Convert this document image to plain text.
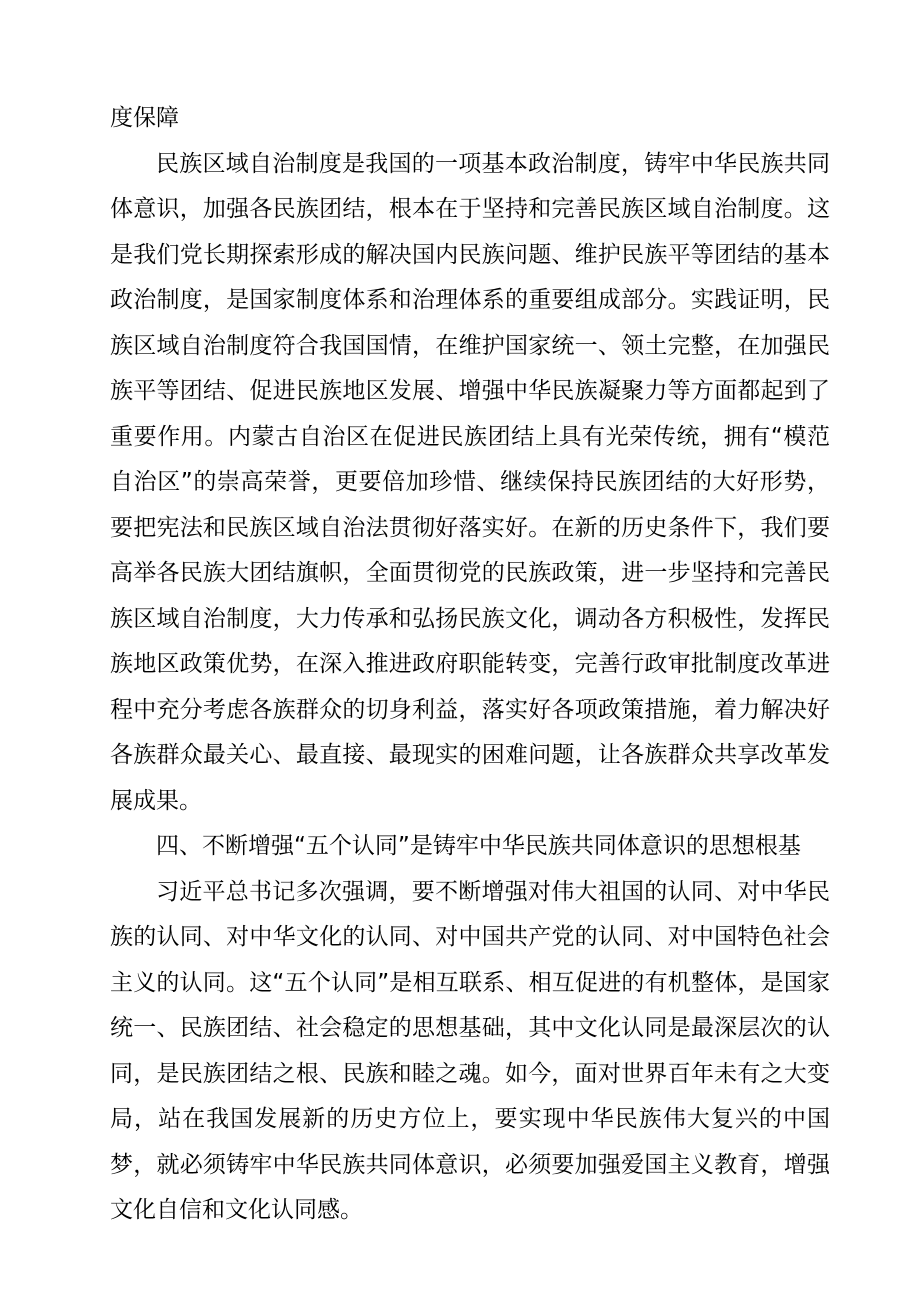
度保障

民族区域自治制度是我国的一项基本政治制度，铸牢中华民族共同体意识，加强各民族团结，根本在于坚持和完善民族区域自治制度。这是我们党长期探索形成的解决国内民族问题、维护民族平等团结的基本政治制度，是国家制度体系和治理体系的重要组成部分。实践证明，民族区域自治制度符合我国国情，在维护国家统一、领土完整，在加强民族平等团结、促进民族地区发展、增强中华民族凝聚力等方面都起到了重要作用。内蒙古自治区在促进民族团结上具有光荣传统，拥有“模范自治区”的崇高荣誉，更要倍加珍惜、继续保持民族团结的大好形势，要把宪法和民族区域自治法贯彻好落实好。在新的历史条件下，我们要高举各民族大团结旗帜，全面贯彻党的民族政策，进一步坚持和完善民族区域自治制度，大力传承和弘扬民族文化，调动各方积极性，发挥民族地区政策优势，在深入推进政府职能转变，完善行政审批制度改革进程中充分考虑各族群众的切身利益，落实好各项政策措施，着力解决好各族群众最关心、最直接、最现实的困难问题，让各族群众共享改革发展成果。

四、不断增强“五个认同”是铸牢中华民族共同体意识的思想根基

习近平总书记多次强调，要不断增强对伟大祖国的认同、对中华民族的认同、对中华文化的认同、对中国共产党的认同、对中国特色社会主义的认同。这“五个认同”是相互联系、相互促进的有机整体，是国家统一、民族团结、社会稳定的思想基础，其中文化认同是最深层次的认同，是民族团结之根、民族和睦之魂。如今，面对世界百年未有之大变局，站在我国发展新的历史方位上，要实现中华民族伟大复兴的中国梦，就必须铸牢中华民族共同体意识，必须要加强爱国主义教育，增强文化自信和文化认同感。
